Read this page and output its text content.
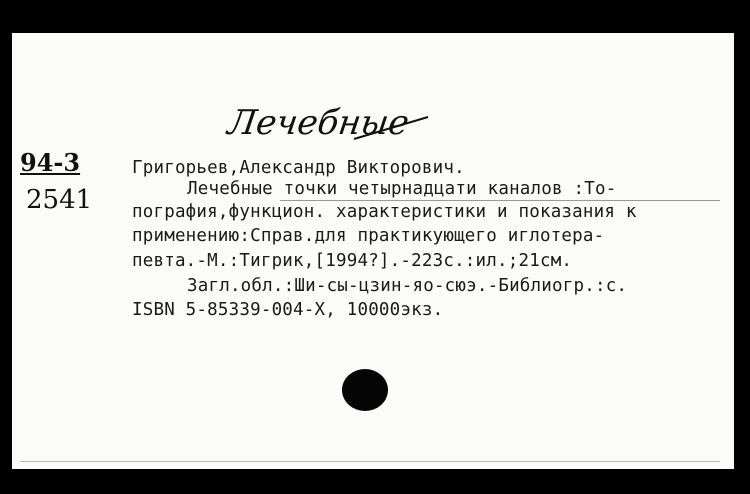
Лечебные
94-3
2541
Григорьев,Александр Викторович.
Лечебные точки четырнадцати каналов :То-
пография,функцион. характеристики и показания к
применению:Справ.для практикующего иглотера-
певта.-М.:Тигрик,[1994?].-223с.:ил.;21см.
Загл.обл.:Ши-сы-цзин-яо-сюэ.-Библиогр.:с.
ISBN 5-85339-004-X, 10000экз.
